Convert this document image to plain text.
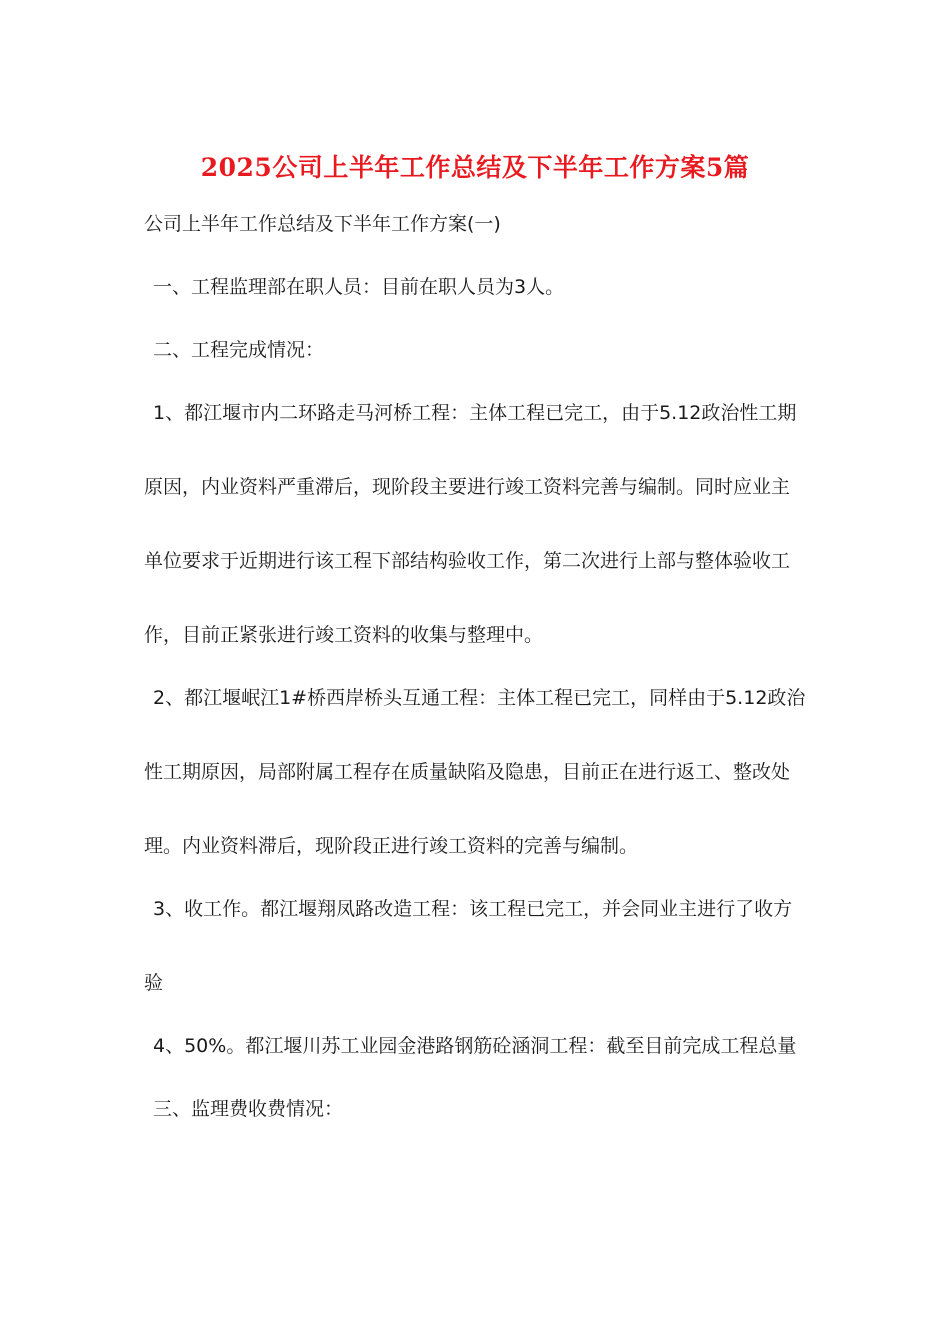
2025公司上半年工作总结及下半年工作方案5篇

公司上半年工作总结及下半年工作方案(一)

一、工程监理部在职人员：目前在职人员为3人。

二、工程完成情况：

1、都江堰市内二环路走马河桥工程：主体工程已完工，由于5.12政治性工期

原因，内业资料严重滞后，现阶段主要进行竣工资料完善与编制。同时应业主

单位要求于近期进行该工程下部结构验收工作，第二次进行上部与整体验收工

作，目前正紧张进行竣工资料的收集与整理中。

2、都江堰岷江1#桥西岸桥头互通工程：主体工程已完工，同样由于5.12政治

性工期原因，局部附属工程存在质量缺陷及隐患，目前正在进行返工、整改处

理。内业资料滞后，现阶段正进行竣工资料的完善与编制。

3、收工作。都江堰翔凤路改造工程：该工程已完工，并会同业主进行了收方

验

4、50%。都江堰川苏工业园金港路钢筋砼涵洞工程：截至目前完成工程总量

三、监理费收费情况：
